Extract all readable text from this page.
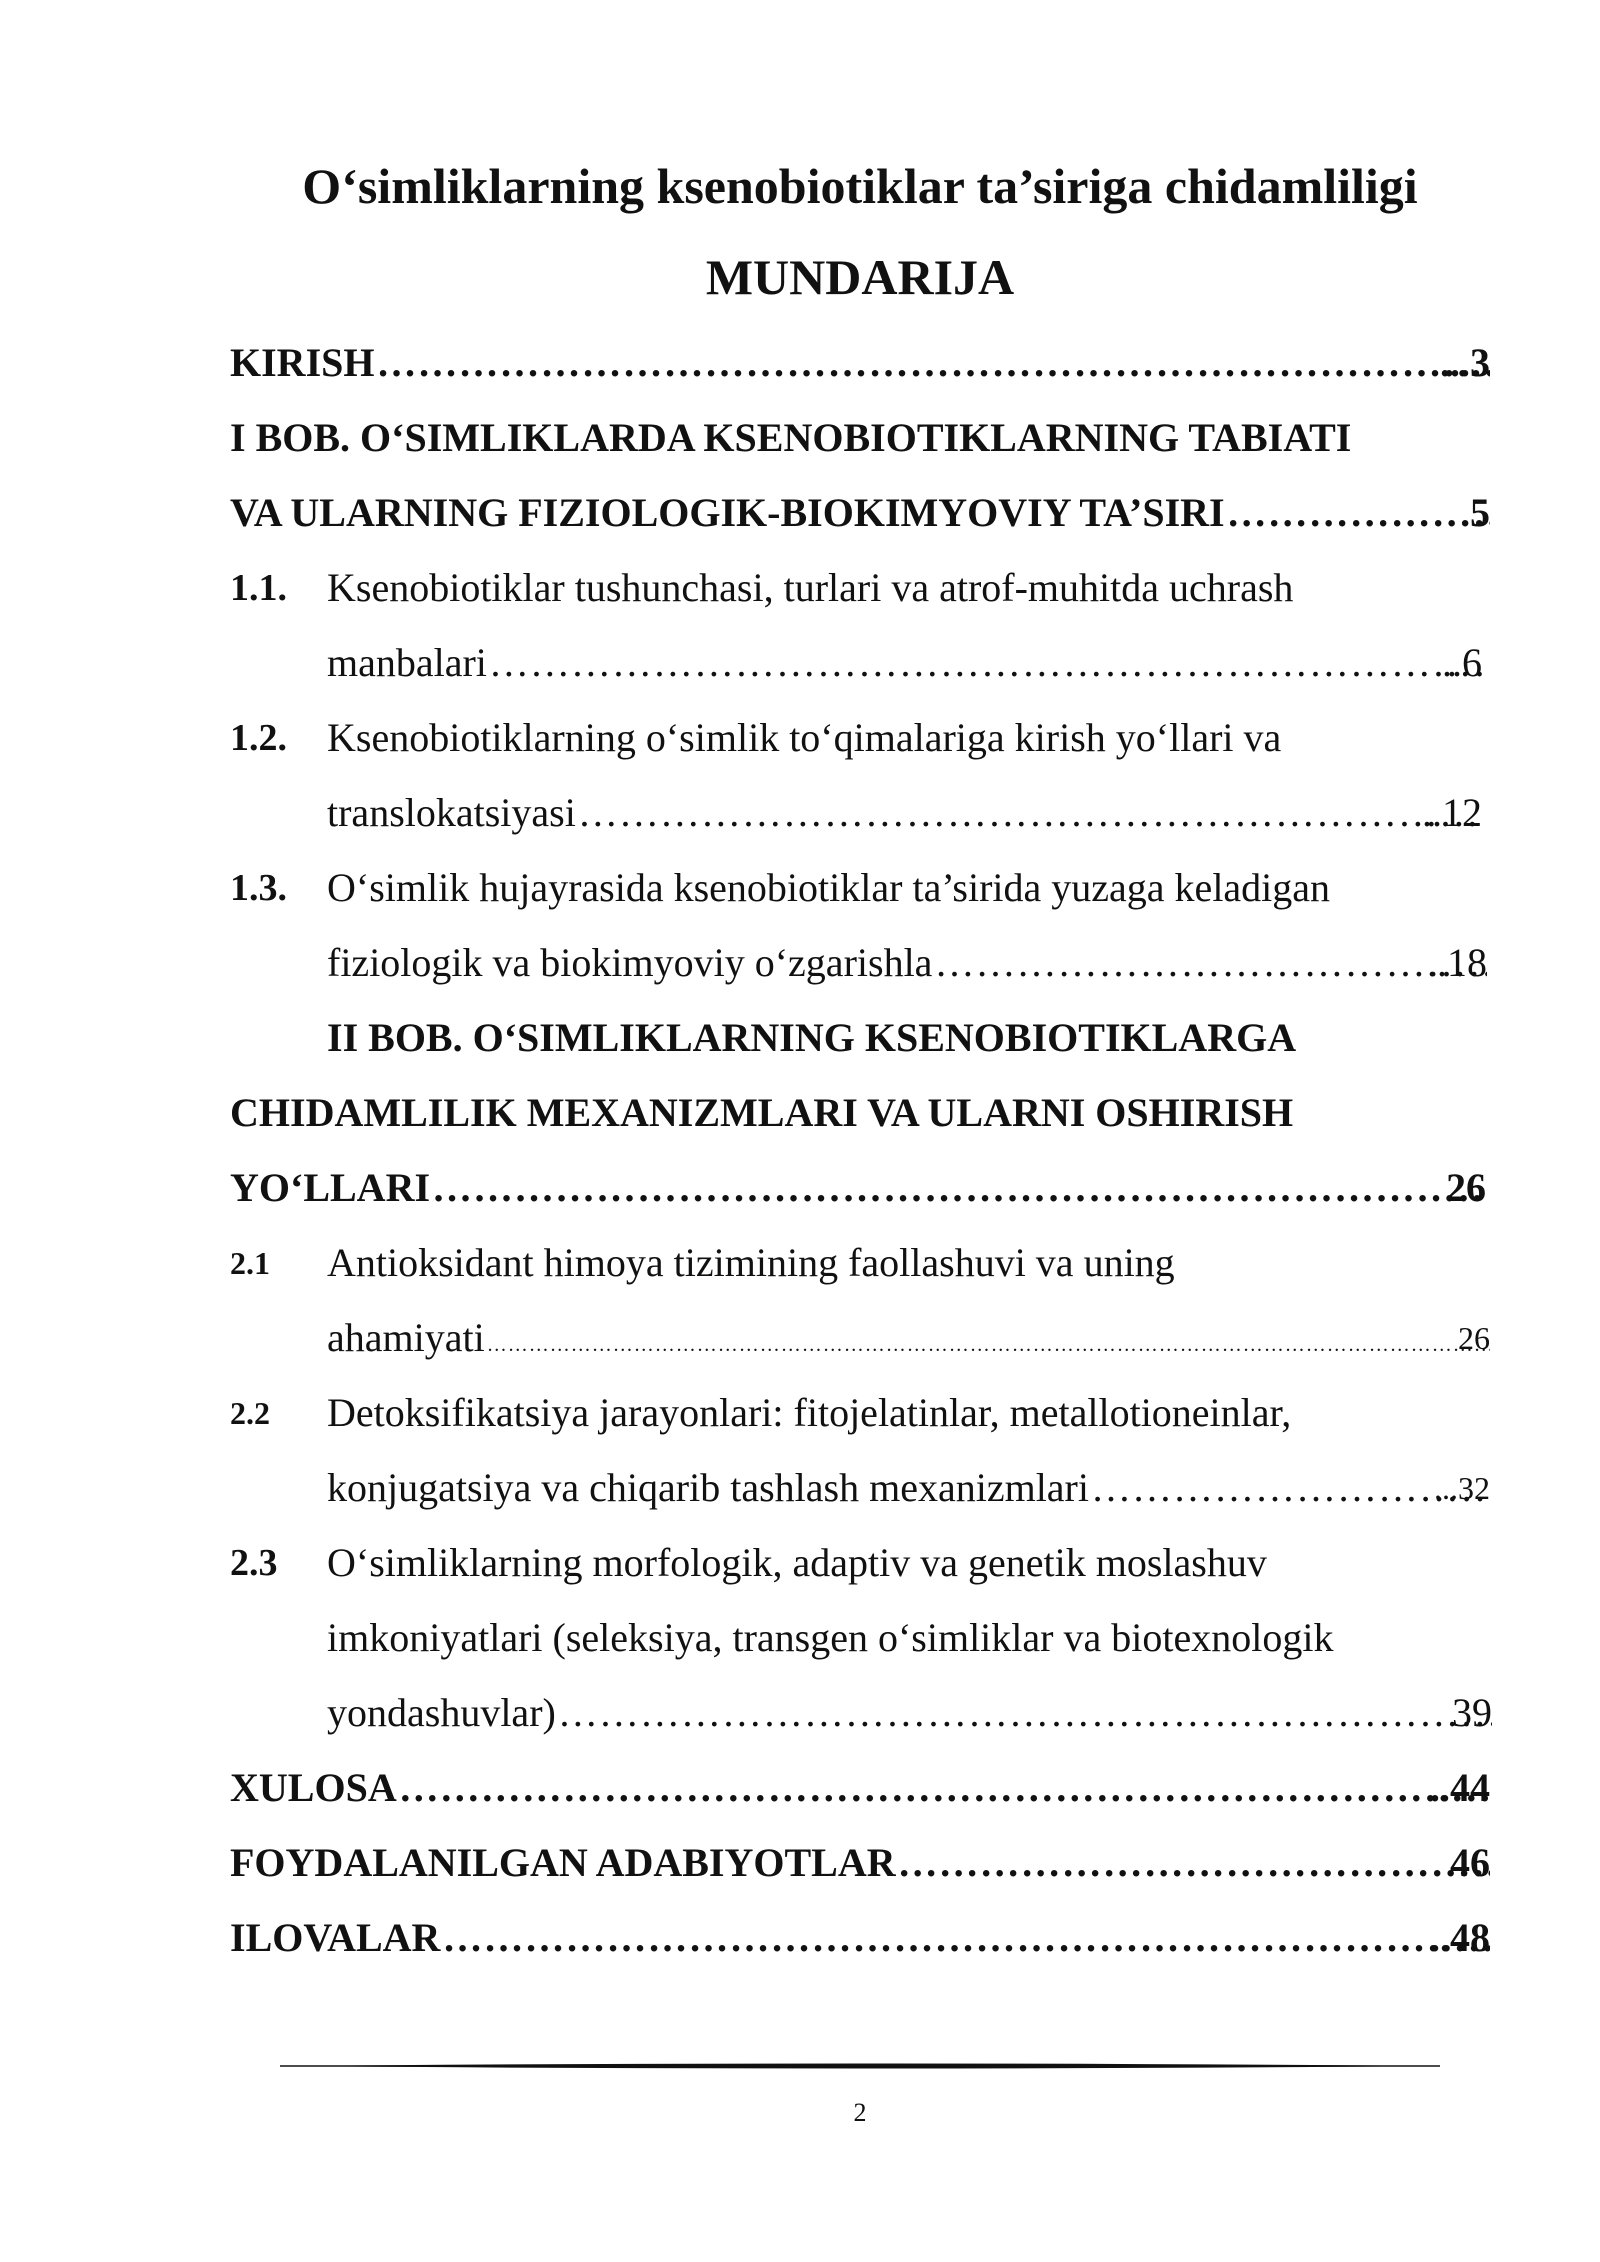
O‘simliklarning ksenobiotiklar ta’siriga chidamliligi
MUNDARIJA
KIRISH	...3
……………………………………………………………………………………………………………………………………………………………………………………………………………
I BOB. O‘SIMLIKLARDA KSENOBIOTIKLARNING TABIATI
VA ULARNING FIZIOLOGIK-BIOKIMYOVIY TA’SIRI	5
……………………………………………………………………………………………………………………………………………………………………………………………………………
1.1. Ksenobiotiklar tushunchasi, turlari va atrof-muhitda uchrash
manbalari	..6
……………………………………………………………………………………………………………………………………………………………………………………………………………
1.2. Ksenobiotiklarning o‘simlik to‘qimalariga kirish yo‘llari va
translokatsiyasi	..12
……………………………………………………………………………………………………………………………………………………………………………………………………………
1.3. O‘simlik hujayrasida ksenobiotiklar ta’sirida yuzaga keladigan
fiziologik va biokimyoviy o‘zgarishla	..18
……………………………………………………………………………………………………………………………………………………………………………………………………………
II BOB. O‘SIMLIKLARNING KSENOBIOTIKLARGA
CHIDAMLILIK MEXANIZMLARI VA ULARNI OSHIRISH
YO‘LLARI	26
……………………………………………………………………………………………………………………………………………………………………………………………………………
2.1 Antioksidant himoya tizimining faollashuvi va uning
ahamiyati	26
……………………………………………………………………………………………………………………………………………………………………………………………………………
2.2 Detoksifikatsiya jarayonlari: fitojelatinlar, metallotioneinlar,
konjugatsiya va chiqarib tashlash mexanizmlari	...32
……………………………………………………………………………………………………………………………………………………………………………………………………………
2.3 O‘simliklarning morfologik, adaptiv va genetik moslashuv
imkoniyatlari (seleksiya, transgen o‘simliklar va biotexnologik
yondashuvlar)	39
……………………………………………………………………………………………………………………………………………………………………………………………………………
XULOSA	..44
……………………………………………………………………………………………………………………………………………………………………………………………………………
FOYDALANILGAN ADABIYOTLAR	46
……………………………………………………………………………………………………………………………………………………………………………………………………………
ILOVALAR	..48
……………………………………………………………………………………………………………………………………………………………………………………………………………
2
